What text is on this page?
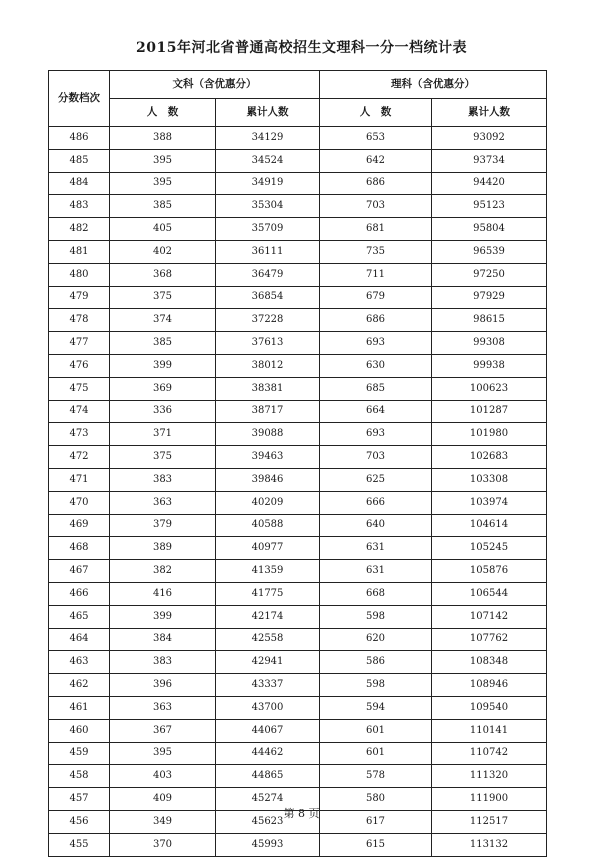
2015年河北省普通高校招生文理科一分一档统计表
分数档次	文科（含优惠分）		理科（含优惠分）	
	人　数	累计人数	人　数	累计人数
486	388	34129	653	93092
485	395	34524	642	93734
484	395	34919	686	94420
483	385	35304	703	95123
482	405	35709	681	95804
481	402	36111	735	96539
480	368	36479	711	97250
479	375	36854	679	97929
478	374	37228	686	98615
477	385	37613	693	99308
476	399	38012	630	99938
475	369	38381	685	100623
474	336	38717	664	101287
473	371	39088	693	101980
472	375	39463	703	102683
471	383	39846	625	103308
470	363	40209	666	103974
469	379	40588	640	104614
468	389	40977	631	105245
467	382	41359	631	105876
466	416	41775	668	106544
465	399	42174	598	107142
464	384	42558	620	107762
463	383	42941	586	108348
462	396	43337	598	108946
461	363	43700	594	109540
460	367	44067	601	110141
459	395	44462	601	110742
458	403	44865	578	111320
457	409	45274	580	111900
456	349	45623	617	112517
455	370	45993	615	113132
第 8 页
